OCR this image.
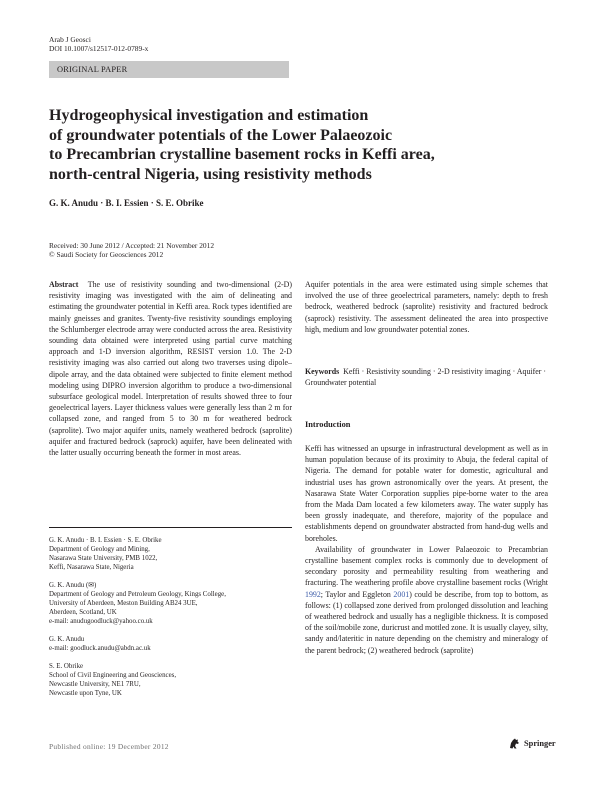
Arab J Geosci
DOI 10.1007/s12517-012-0789-x
ORIGINAL PAPER
Hydrogeophysical investigation and estimation
of groundwater potentials of the Lower Palaeozoic
to Precambrian crystalline basement rocks in Keffi area,
north-central Nigeria, using resistivity methods
G. K. Anudu · B. I. Essien · S. E. Obrike
Received: 30 June 2012 / Accepted: 21 November 2012
© Saudi Society for Geosciences 2012

Abstract The use of resistivity sounding and two-dimensional (2-D) resistivity imaging was investigated with the aim of delineating and estimating the groundwater potential in Keffi area. Rock types identified are mainly gneisses and granites. Twenty-five resistivity soundings employing the Schlumberger electrode array were conducted across the area. Resistivity sounding data obtained were interpreted using partial curve matching approach and 1-D inversion algorithm, RESIST version 1.0. The 2-D resistivity imaging was also carried out along two traverses using dipole–dipole array, and the data obtained were subjected to finite element method modeling using DIPRO inversion algorithm to produce a two-dimensional subsurface geological model. Interpretation of results showed three to four geoelectrical layers. Layer thickness values were generally less than 2 m for collapsed zone, and ranged from 5 to 30 m for weathered bedrock (saprolite). Two major aquifer units, namely weathered bedrock (saprolite) aquifer and fractured bedrock (saprock) aquifer, have been delineated with the latter usually occurring beneath the former in most areas.

G. K. Anudu · B. I. Essien · S. E. Obrike
Department of Geology and Mining,
Nasarawa State University, PMB 1022,
Keffi, Nasarawa State, Nigeria
G. K. Anudu (✉)
Department of Geology and Petroleum Geology, Kings College,
University of Aberdeen, Meston Building AB24 3UE,
Aberdeen, Scotland, UK
e-mail: anudugoodluck@yahoo.co.uk
G. K. Anudu
e-mail: goodluck.anudu@abdn.ac.uk
S. E. Obrike
School of Civil Engineering and Geosciences,
Newcastle University, NE1 7RU,
Newcastle upon Tyne, UK

Aquifer potentials in the area were estimated using simple schemes that involved the use of three geoelectrical parameters, namely: depth to fresh bedrock, weathered bedrock (saprolite) resistivity and fractured bedrock (saprock) resistivity. The assessment delineated the area into prospective high, medium and low groundwater potential zones.

Keywords Keffi · Resistivity sounding · 2-D resistivity imaging · Aquifer · Groundwater potential
Introduction

Keffi has witnessed an upsurge in infrastructural development as well as in human population because of its proximity to Abuja, the federal capital of Nigeria. The demand for potable water for domestic, agricultural and industrial uses has grown astronomically over the years. At present, the Nasarawa State Water Corporation supplies pipe-borne water to the area from the Mada Dam located a few kilometers away. The water supply has been grossly inadequate, and therefore, majority of the populace and establishments depend on groundwater abstracted from hand-dug wells and boreholes.

Availability of groundwater in Lower Palaeozoic to Precambrian crystalline basement complex rocks is commonly due to development of secondary porosity and permeability resulting from weathering and fracturing. The weathering profile above crystalline basement rocks (Wright 1992; Taylor and Eggleton 2001) could be describe, from top to bottom, as follows: (1) collapsed zone derived from prolonged dissolution and leaching of weathered bedrock and usually has a negligible thickness. It is composed of the soil/mobile zone, duricrust and mottled zone. It is usually clayey, silty, sandy and/lateritic in nature depending on the chemistry and mineralogy of the parent bedrock; (2) weathered bedrock (saprolite)

Published online: 19 December 2012	Springer
